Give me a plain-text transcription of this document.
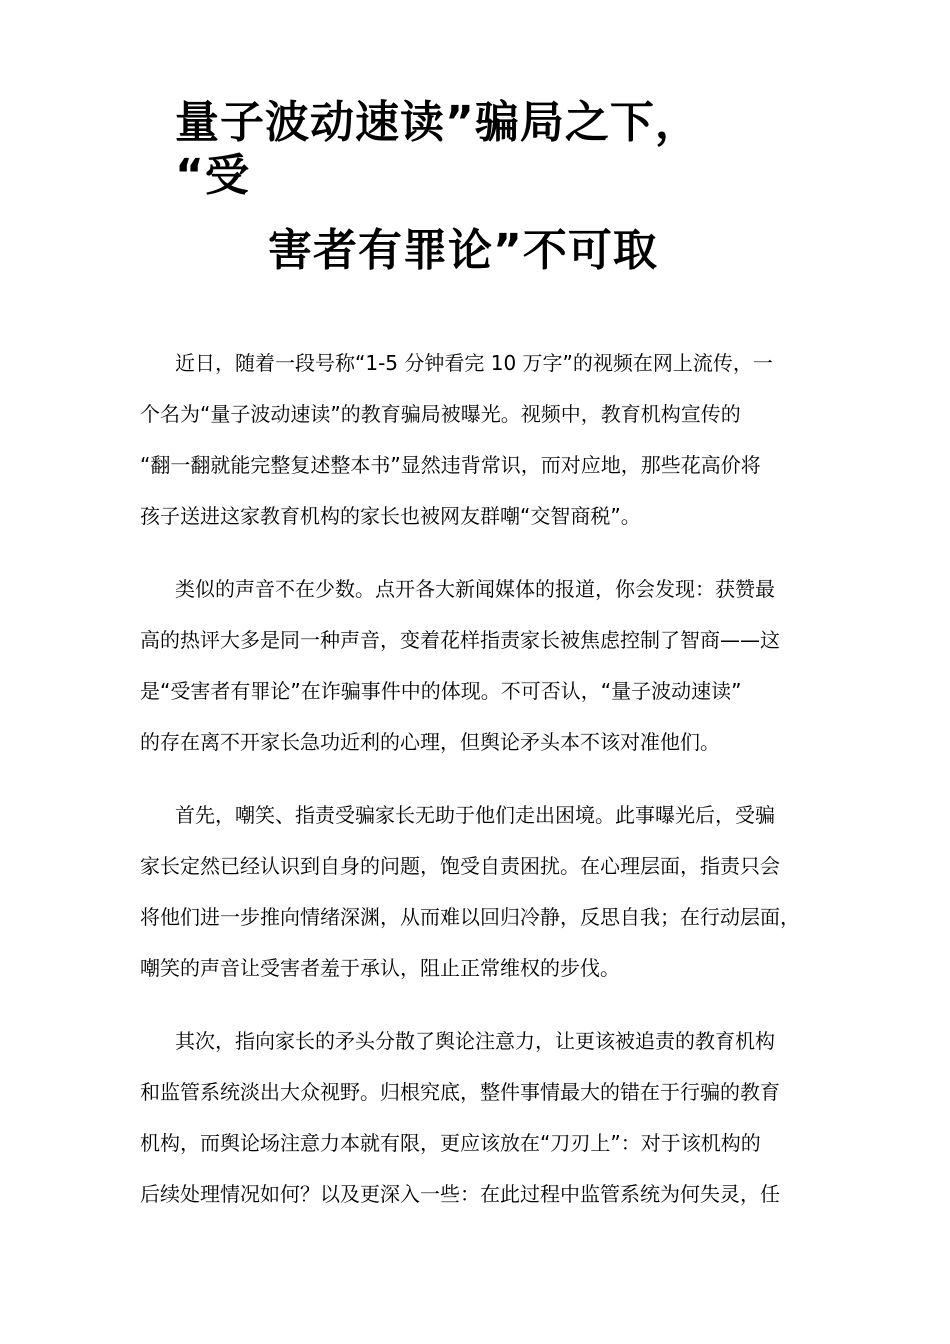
量子波动速读”骗局之下，
“受
害者有罪论”不可取
近日，随着一段号称“1-5 分钟看完 10 万字”的视频在网上流传，一
个名为“量子波动速读”的教育骗局被曝光。视频中，教育机构宣传的
“翻一翻就能完整复述整本书”显然违背常识，而对应地，那些花高价将
孩子送进这家教育机构的家长也被网友群嘲“交智商税”。
类似的声音不在少数。点开各大新闻媒体的报道，你会发现：获赞最
高的热评大多是同一种声音，变着花样指责家长被焦虑控制了智商——这
是“受害者有罪论”在诈骗事件中的体现。不可否认，“量子波动速读”
的存在离不开家长急功近利的心理，但舆论矛头本不该对准他们。
首先，嘲笑、指责受骗家长无助于他们走出困境。此事曝光后，受骗
家长定然已经认识到自身的问题，饱受自责困扰。在心理层面，指责只会
将他们进一步推向情绪深渊，从而难以回归冷静，反思自我；在行动层面，
嘲笑的声音让受害者羞于承认，阻止正常维权的步伐。
其次，指向家长的矛头分散了舆论注意力，让更该被追责的教育机构
和监管系统淡出大众视野。归根究底，整件事情最大的错在于行骗的教育
机构，而舆论场注意力本就有限，更应该放在“刀刃上”：对于该机构的
后续处理情况如何？以及更深入一些：在此过程中监管系统为何失灵，任
